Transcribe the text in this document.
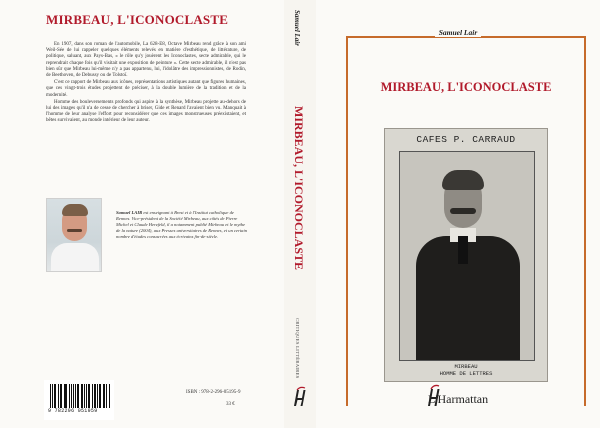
MIRBEAU, L'ICONOCLASTE

En 1907, dans son roman de l'automobile, La 628-E8, Octave Mirbeau rend grâce à son ami Weil-Sée de lui rappeler quelques éléments relevés en matière d'esthétique, de littérature, de politique, saluant, aux Pays-Bas, « le rôle qu'y jouèrent les Iconoclastes, secte admirable, qui le reprendrait chaque fois qu'il visitait une exposition de peinture ». Cette secte admirable, il n'est pas bien sûr que Mirbeau lui-même n'y a pas appartenu, lui, l'idolâtre des impressionnistes, de Rodin, de Beethoven, de Debussy ou de Tolstoï.

C'est ce rapport de Mirbeau aux icônes, représentations artistiques autant que figures humaines, que ces vingt-trois études projettent de préciser, à la double lumière de la tradition et de la modernité.

Homme des bouleversements profonds qui aspire à la synthèse, Mirbeau projette au-dehors de lui des images qu'il n'a de cesse de chercher à briser, Gide et Renard l'avaient bien vu. Manquait à l'homme de leur analyse l'effort pour reconsidérer que ces images monstrueuses préexistaient, et bêtes survivaient, au monde intérieur de leur auteur.

Samuel LAIR est enseignant à Brest et à l'Institut catholique de Rennes. Vice-président de la Société Mirbeau, aux côtés de Pierre Michel et Claude Herzfeld, il a notamment publié Mirbeau et le mythe de la nature (2004), aux Presses universitaires de Rennes, et un certain nombre d'études consacrées aux écrivains fin-de-siècle.
9 782296 051959
ISBN : 978-2-296-05195-9
33 €
Samuel Lair
MIRBEAU, L'ICONOCLASTE
CRITIQUES LITTÉRAIRES
Samuel Lair
MIRBEAU, L'ICONOCLASTE
CAFES P. CARRAUD
MIRBEAU
HOMME DE LETTRES
L'Harmattan
